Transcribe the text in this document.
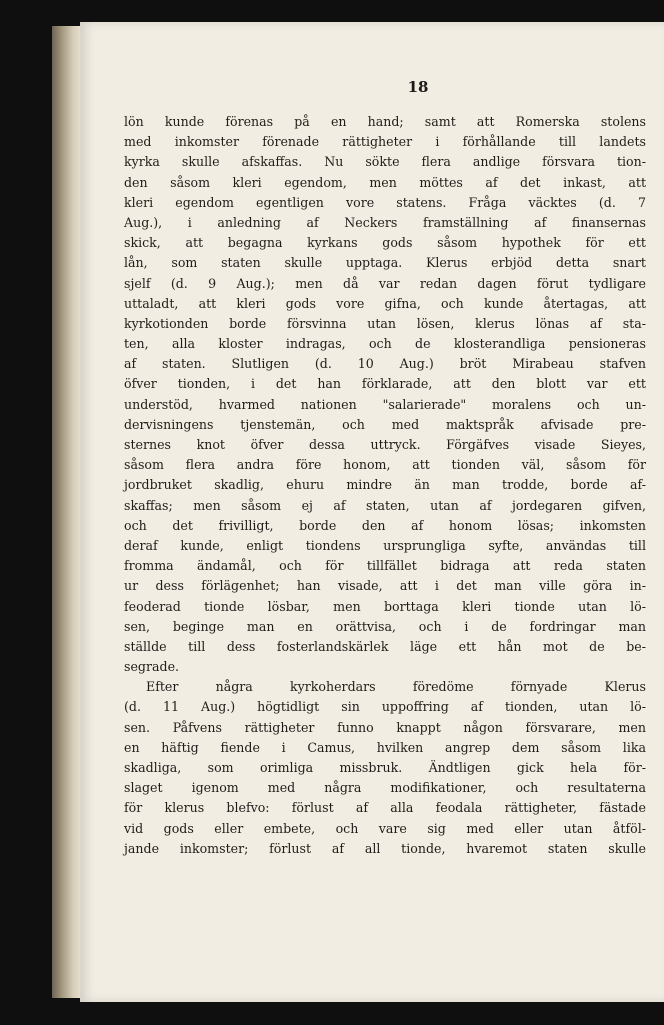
18
lön kunde förenas på en hand; samt att Romerska stolens
med inkomster förenade rättigheter i förhållande till landets
kyrka skulle afskaffas. Nu sökte flera andlige försvara tion-
den såsom kleri egendom, men möttes af det inkast, att
kleri egendom egentligen vore statens. Fråga väcktes (d. 7
Aug.), i anledning af Neckers framställning af finansernas
skick, att begagna kyrkans gods såsom hypothek för ett
lån, som staten skulle upptaga. Klerus erbjöd detta snart
sjelf (d. 9 Aug.); men då var redan dagen förut tydligare
uttaladt, att kleri gods vore gifna, och kunde återtagas, att
kyrkotionden borde försvinna utan lösen, klerus lönas af sta-
ten, alla kloster indragas, och de klosterandliga pensioneras
af staten. Slutligen (d. 10 Aug.) bröt Mirabeau stafven
öfver tionden, i det han förklarade, att den blott var ett
understöd, hvarmed nationen "salarierade" moralens och un-
dervisningens tjenstemän, och med maktspråk afvisade pre-
sternes knot öfver dessa uttryck. Förgäfves visade Sieyes,
såsom flera andra före honom, att tionden väl, såsom för
jordbruket skadlig, ehuru mindre än man trodde, borde af-
skaffas; men såsom ej af staten, utan af jordegaren gifven,
och det frivilligt, borde den af honom lösas; inkomsten
deraf kunde, enligt tiondens ursprungliga syfte, användas till
fromma ändamål, och för tillfället bidraga att reda staten
ur dess förlägenhet; han visade, att i det man ville göra in-
feoderad tionde lösbar, men borttaga kleri tionde utan lö-
sen, beginge man en orättvisa, och i de fordringar man
ställde till dess fosterlandskärlek läge ett hån mot de be-
segrade.
Efter några kyrkoherdars föredöme förnyade Klerus
(d. 11 Aug.) högtidligt sin uppoffring af tionden, utan lö-
sen. Påfvens rättigheter funno knappt någon försvarare, men
en häftig fiende i Camus, hvilken angrep dem såsom lika
skadliga, som orimliga missbruk. Ändtligen gick hela för-
slaget igenom med några modifikationer, och resultaterna
för klerus blefvo: förlust af alla feodala rättigheter, fästade
vid gods eller embete, och vare sig med eller utan åtföl-
jande inkomster; förlust af all tionde, hvaremot staten skulle
